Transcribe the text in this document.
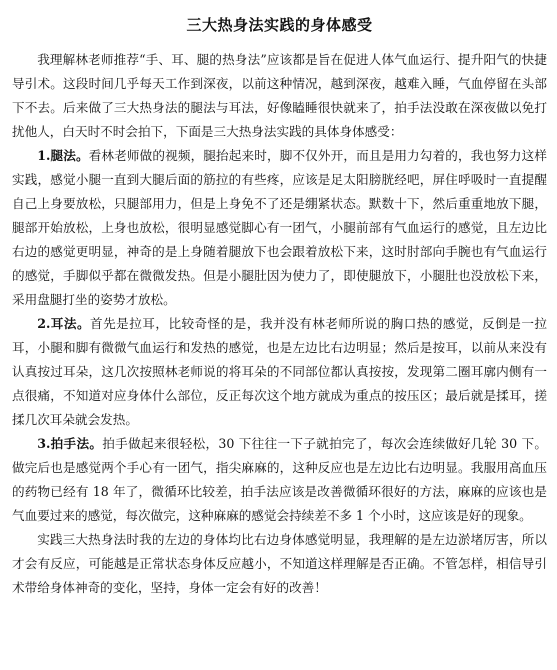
三大热身法实践的身体感受

我理解林老师推荐“手、耳、腿的热身法”应该都是旨在促进人体气血运行、提升阳气的快捷导引术。这段时间几乎每天工作到深夜，以前这种情况，越到深夜，越难入睡，气血停留在头部下不去。后来做了三大热身法的腿法与耳法，好像瞌睡很快就来了，拍手法没敢在深夜做以免打扰他人，白天时不时会拍下，下面是三大热身法实践的具体身体感受：

1.腿法。看林老师做的视频，腿抬起来时，脚不仅外开，而且是用力勾着的，我也努力这样实践，感觉小腿一直到大腿后面的筋拉的有些疼，应该是足太阳膀胱经吧，屏住呼吸时一直提醒自己上身要放松，只腿部用力，但是上身免不了还是绷紧状态。默数十下，然后重重地放下腿，腿部开始放松，上身也放松，很明显感觉脚心有一团气，小腿前部有气血运行的感觉，且左边比右边的感觉更明显，神奇的是上身随着腿放下也会跟着放松下来，这时肘部向手腕也有气血运行的感觉，手脚似乎都在微微发热。但是小腿肚因为使力了，即使腿放下，小腿肚也没放松下来，采用盘腿打坐的姿势才放松。

2.耳法。首先是拉耳，比较奇怪的是，我并没有林老师所说的胸口热的感觉，反倒是一拉耳，小腿和脚有微微气血运行和发热的感觉，也是左边比右边明显；然后是按耳，以前从来没有认真按过耳朵，这几次按照林老师说的将耳朵的不同部位都认真按按，发现第二圈耳廓内侧有一点很痛，不知道对应身体什么部位，反正每次这个地方就成为重点的按压区；最后就是揉耳，搓揉几次耳朵就会发热。

3.拍手法。拍手做起来很轻松，30 下往往一下子就拍完了，每次会连续做好几轮 30 下。做完后也是感觉两个手心有一团气，指尖麻麻的，这种反应也是左边比右边明显。我服用高血压的药物已经有 18 年了，微循环比较差，拍手法应该是改善微循环很好的方法，麻麻的应该也是气血要过来的感觉，每次做完，这种麻麻的感觉会持续差不多 1 个小时，这应该是好的现象。

实践三大热身法时我的左边的身体均比右边身体感觉明显，我理解的是左边淤堵厉害，所以才会有反应，可能越是正常状态身体反应越小，不知道这样理解是否正确。不管怎样，相信导引术带给身体神奇的变化，坚持，身体一定会有好的改善！
